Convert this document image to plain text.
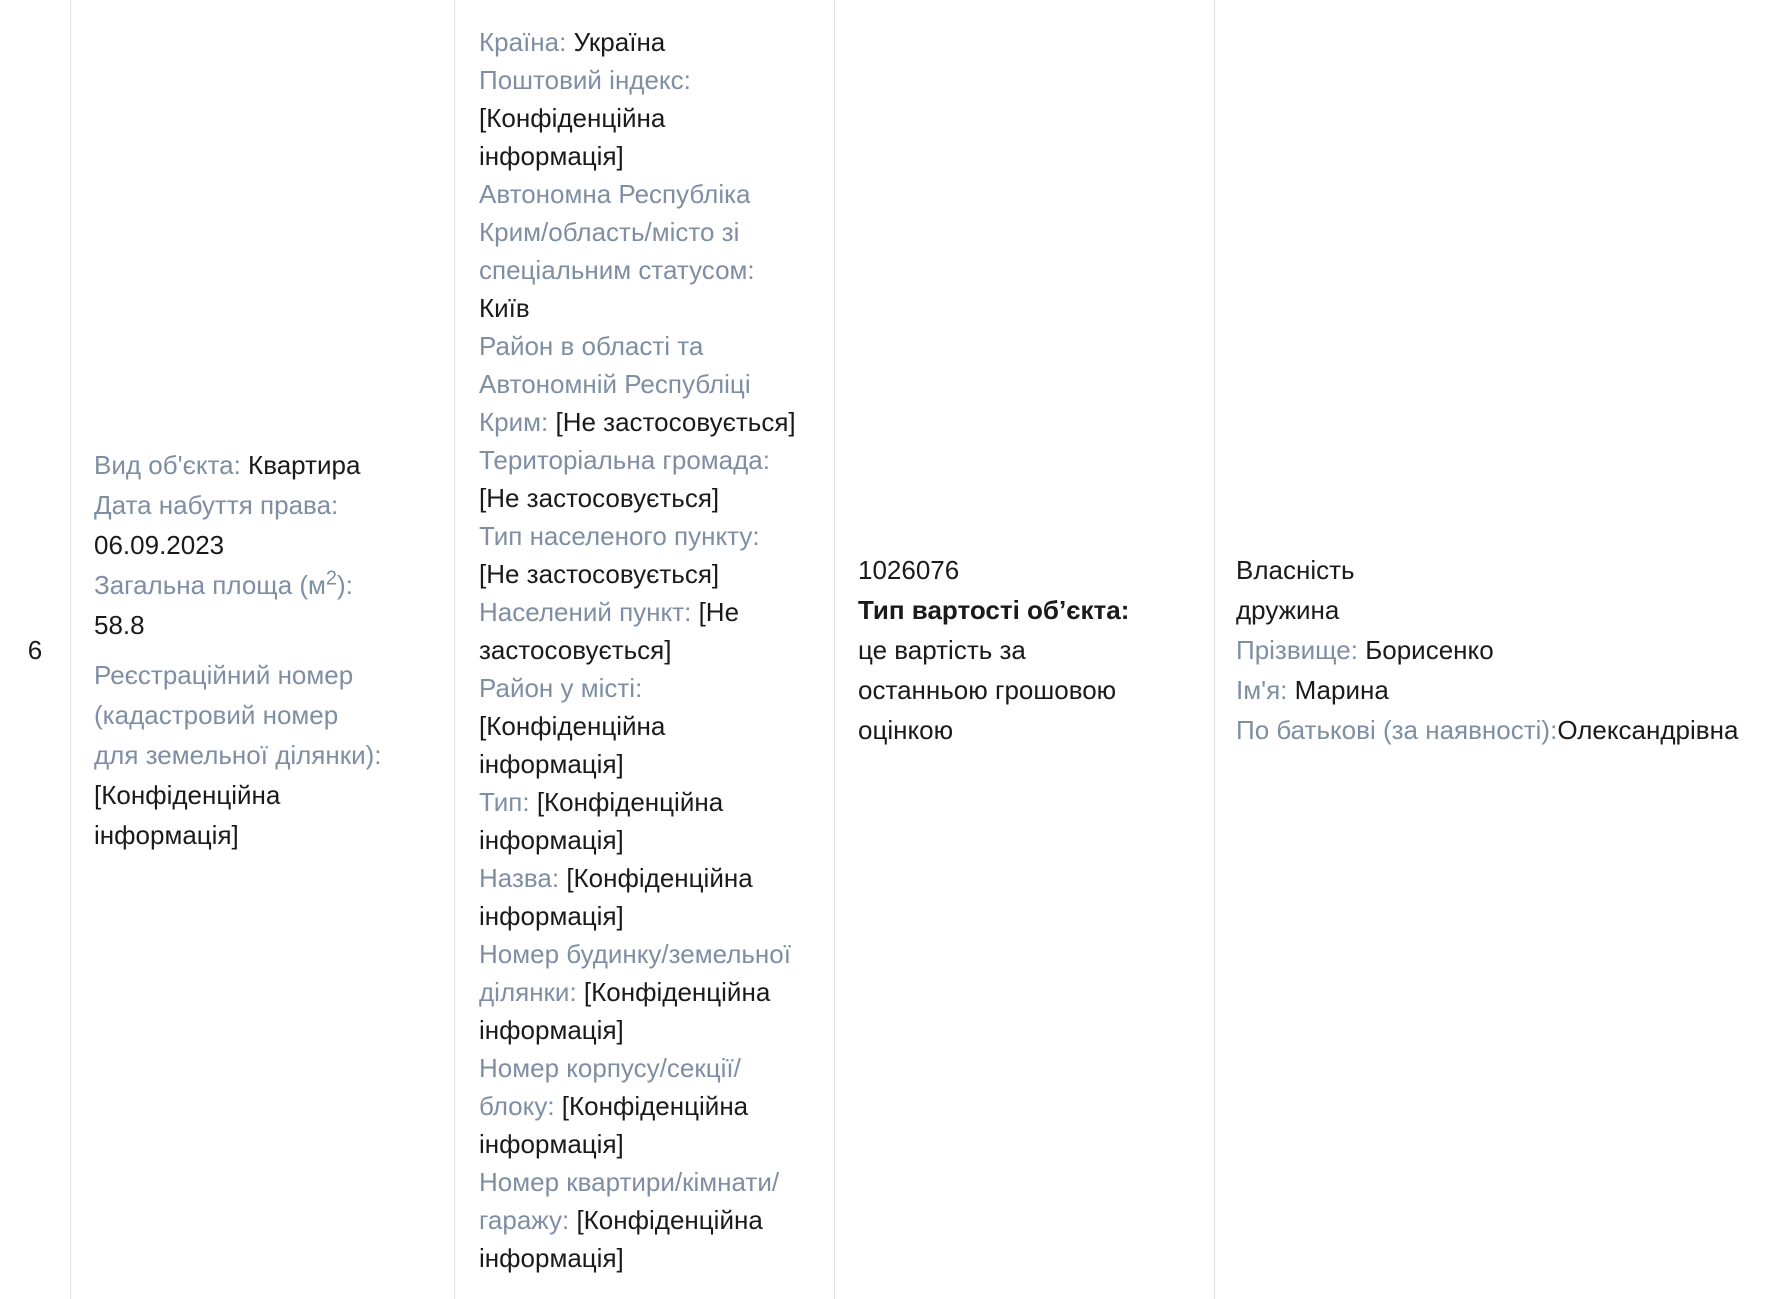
6
Вид об'єкта: Квартира
Дата набуття права:
06.09.2023
Загальна площа $(м^2)$:
58.8
Реєстраційний номер
(кадастровий номер
для земельної ділянки):
[Конфіденційна
інформація]
Країна: Україна
Поштовий індекс:
[Конфіденційна
інформація]
Автономна Республіка
Крим/область/місто зі
спеціальним статусом:
Київ
Район в області та
Автономній Республіці
Крим: [Не застосовується]
Територіальна громада:
[Не застосовується]
Тип населеного пункту:
[Не застосовується]
Населений пункт: [Не
застосовується]
Район у місті:
[Конфіденційна
інформація]
Тип: [Конфіденційна
інформація]
Назва: [Конфіденційна
інформація]
Номер будинку/земельної
ділянки: [Конфіденційна
інформація]
Номер корпусу/секції/
блоку: [Конфіденційна
інформація]
Номер квартири/кімнати/
гаражу: [Конфіденційна
інформація]
1026076
Тип вартості об’єкта:
це вартість за
останньою грошовою
оцінкою
Власність
дружина
Прізвище: Борисенко
Ім'я: Марина
По батькові (за наявності):Олександрівна
